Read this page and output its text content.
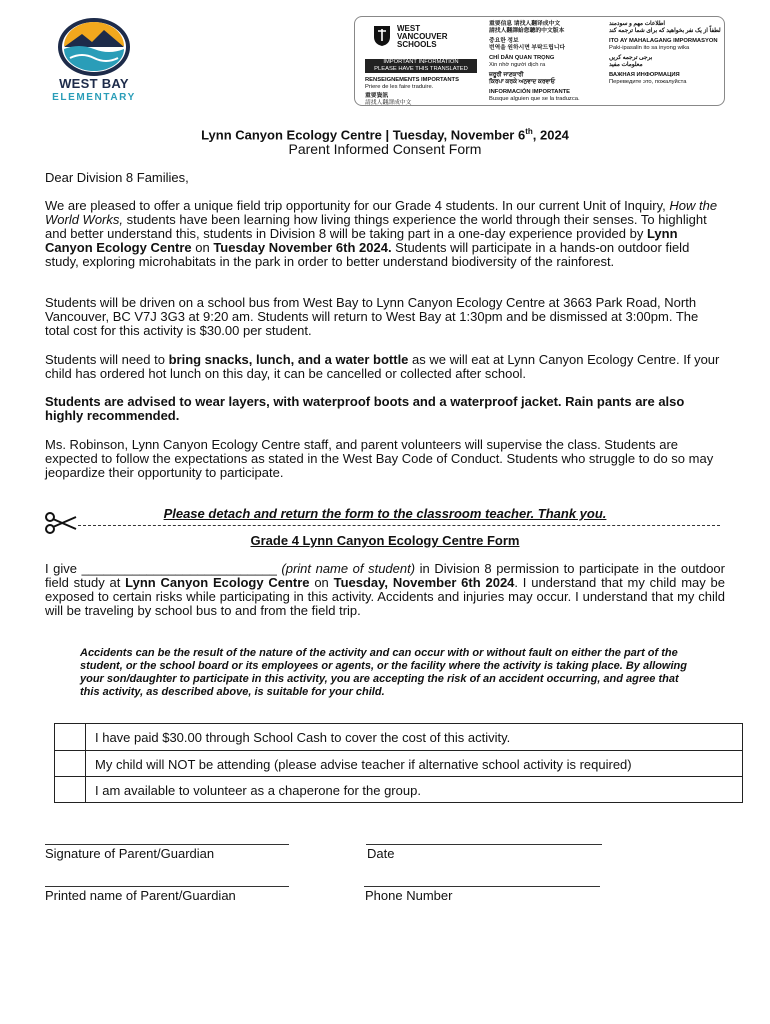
WEST BAY
ELEMENTARY
WEST
VANCOUVER
SCHOOLS
IMPORTANT INFORMATION
PLEASE HAVE THIS TRANSLATED
RENSEIGNEMENTS IMPORTANTS
Priere de les faire traduire.
重要資訊
請找人翻譯成中文
重要信息 请找人翻译成中文
請找人翻譯給您聽的中文版本
중요한 정보
번역을 원하시면 부탁드립니다
CHỈ DẪN QUAN TRỌNG
Xin nhờ người dịch ra
ਜ਼ਰੂਰੀ ਜਾਣਕਾਰੀ
ਕਿਰਪਾ ਕਰਕੇ ਅਨੁਵਾਦ ਕਰਵਾਓ
INFORMACIÓN IMPORTANTE
Busque alguien que se la traduzca.
اطلاعات مهم و سودمند
لطفاً از یک نفر بخواهید که برای شما ترجمه کند
ITO AY MAHALAGANG IMPORMASYON
Paki-ipasalin ito sa inyong wika
برجی ترجمه کریں
معلومات مفید
ВАЖНАЯ ИНФОРМАЦИЯ
Переведите это, пожалуйста
Lynn Canyon Ecology Centre | Tuesday, November 6th, 2024
Parent Informed Consent Form
Dear Division 8 Families,
We are pleased to offer a unique field trip opportunity for our Grade 4 students. In our current Unit of Inquiry, How the World Works, students have been learning how living things experience the world through their senses. To highlight and better understand this, students in Division 8 will be taking part in a one-day experience provided by Lynn Canyon Ecology Centre on Tuesday November 6th 2024. Students will participate in a hands-on outdoor field study, exploring microhabitats in the park in order to better understand biodiversity of the rainforest.
Students will be driven on a school bus from West Bay to Lynn Canyon Ecology Centre at 3663 Park Road, North Vancouver, BC V7J 3G3 at 9:20 am. Students will return to West Bay at 1:30pm and be dismissed at 3:00pm. The total cost for this activity is $30.00 per student.
Students will need to bring snacks, lunch, and a water bottle as we will eat at Lynn Canyon Ecology Centre. If your child has ordered hot lunch on this day, it can be cancelled or collected after school.
Students are advised to wear layers, with waterproof boots and a waterproof jacket. Rain pants are also highly recommended.
Ms. Robinson, Lynn Canyon Ecology Centre staff, and parent volunteers will supervise the class. Students are expected to follow the expectations as stated in the West Bay Code of Conduct. Students who struggle to do so may jeopardize their opportunity to participate.
Please detach and return the form to the classroom teacher. Thank you.
Grade 4 Lynn Canyon Ecology Centre Form
I give ___________________________ (print name of student) in Division 8 permission to participate in the outdoor field study at Lynn Canyon Ecology Centre on Tuesday, November 6th 2024. I understand that my child may be exposed to certain risks while participating in this activity. Accidents and injuries may occur. I understand that my child will be traveling by school bus to and from the field trip.
Accidents can be the result of the nature of the activity and can occur with or without fault on either the part of the student, or the school board or its employees or agents, or the facility where the activity is taking place. By allowing your son/daughter to participate in this activity, you are accepting the risk of an accident occurring, and agree that this activity, as described above, is suitable for your child.
I have paid $30.00 through School Cash to cover the cost of this activity.
My child will NOT be attending (please advise teacher if alternative school activity is required)
I am available to volunteer as a chaperone for the group.
Signature of Parent/Guardian	Date
Printed name of Parent/Guardian	Phone Number
